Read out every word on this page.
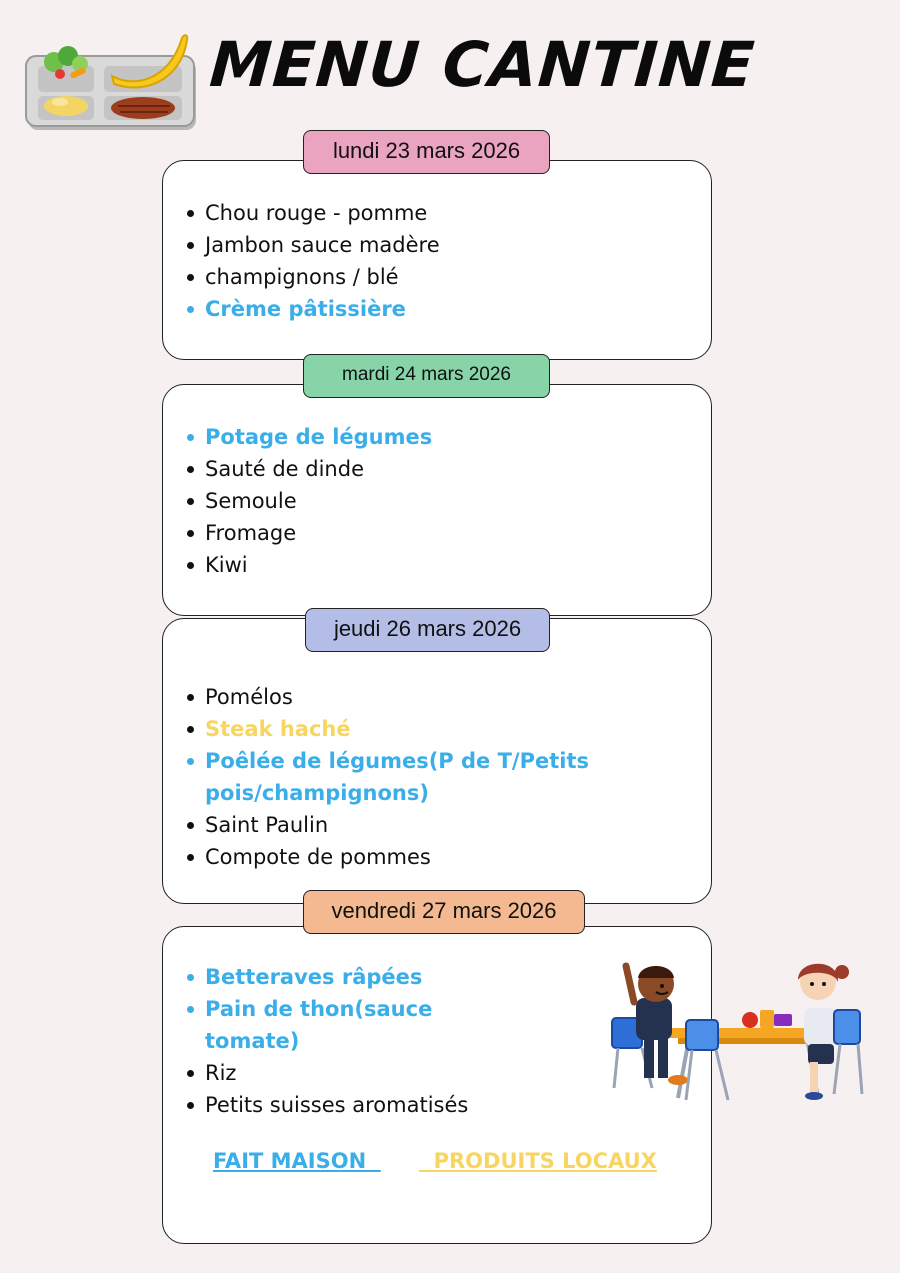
MENU CANTINE
Chou rouge - pomme
Jambon sauce madère
champignons / blé
Crème pâtissière
lundi 23 mars 2026
Potage de légumes
Sauté de dinde
Semoule
Fromage
Kiwi
mardi 24 mars 2026
Pomélos
Steak haché
Poêlée de légumes(P de T/Petits pois/champignons)
Saint Paulin
Compote de pommes
jeudi 26 mars 2026
Betteraves râpées
Pain de thon(sauce tomate)
Riz
Petits suisses aromatisés
FAIT MAISON PRODUITS LOCAUX
vendredi 27 mars 2026
